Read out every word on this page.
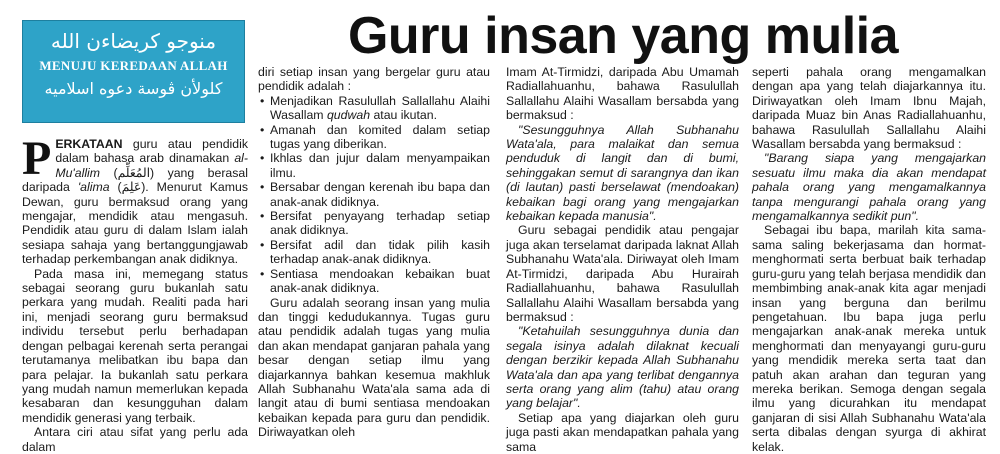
منوجو كريضاءن الله
MENUJU KEREDAAN ALLAH
كلولأن ڤوسة دعوه اسلاميه
Guru insan yang mulia

PERKATAAN guru atau pendidik dalam bahasa arab dinamakan al-Mu'allim (المُعَلِّم) yang berasal daripada 'alima (عَلِمَ). Menurut Kamus Dewan, guru bermaksud orang yang mengajar, mendidik atau mengasuh. Pendidik atau guru di dalam Islam ialah sesiapa sahaja yang bertanggungjawab terhadap perkembangan anak didiknya.

Pada masa ini, memegang status sebagai seorang guru bukanlah satu perkara yang mudah. Realiti pada hari ini, menjadi seorang guru bermaksud individu tersebut perlu berhadapan dengan pelbagai kerenah serta perangai terutamanya melibatkan ibu bapa dan para pelajar. Ia bukanlah satu perkara yang mudah namun memerlukan kepada kesabaran dan kesungguhan dalam mendidik generasi yang terbaik.

Antara ciri atau sifat yang perlu ada dalam

diri setiap insan yang bergelar guru atau pendidik adalah :

• Menjadikan Rasulullah Sallallahu Alaihi Wasallam qudwah atau ikutan.
• Amanah dan komited dalam setiap tugas yang diberikan.
• Ikhlas dan jujur dalam menyampaikan ilmu.
• Bersabar dengan kerenah ibu bapa dan anak-anak didiknya.
• Bersifat penyayang terhadap setiap anak didiknya.
• Bersifat adil dan tidak pilih kasih terhadap anak-anak didiknya.
• Sentiasa mendoakan kebaikan buat anak-anak didiknya.

Guru adalah seorang insan yang mulia dan tinggi kedudukannya. Tugas guru atau pendidik adalah tugas yang mulia dan akan mendapat ganjaran pahala yang besar dengan setiap ilmu yang diajarkannya bahkan kesemua makhluk Allah Subhanahu Wata'ala sama ada di langit atau di bumi sentiasa mendoakan kebaikan kepada para guru dan pendidik. Diriwayatkan oleh

Imam At-Tirmidzi, daripada Abu Umamah Radiallahuanhu, bahawa Rasulullah Sallallahu Alaihi Wasallam bersabda yang bermaksud :

"Sesungguhnya Allah Subhanahu Wata'ala, para malaikat dan semua penduduk di langit dan di bumi, sehinggakan semut di sarangnya dan ikan (di lautan) pasti berselawat (mendoakan) kebaikan bagi orang yang mengajarkan kebaikan kepada manusia".

Guru sebagai pendidik atau pengajar juga akan terselamat daripada laknat Allah Subhanahu Wata'ala. Diriwayat oleh Imam At-Tirmidzi, daripada Abu Hurairah Radiallahuanhu, bahawa Rasulullah Sallallahu Alaihi Wasallam bersabda yang bermaksud :

"Ketahuilah sesungguhnya dunia dan segala isinya adalah dilaknat kecuali dengan berzikir kepada Allah Subhanahu Wata'ala dan apa yang terlibat dengannya serta orang yang alim (tahu) atau orang yang belajar".

Setiap apa yang diajarkan oleh guru juga pasti akan mendapatkan pahala yang sama

seperti pahala orang mengamalkan dengan apa yang telah diajarkannya itu. Diriwayatkan oleh Imam Ibnu Majah, daripada Muaz bin Anas Radiallahuanhu, bahawa Rasulullah Sallallahu Alaihi Wasallam bersabda yang bermaksud :

"Barang siapa yang mengajarkan sesuatu ilmu maka dia akan mendapat pahala orang yang mengamalkannya tanpa mengurangi pahala orang yang mengamalkannya sedikit pun".

Sebagai ibu bapa, marilah kita sama-sama saling bekerjasama dan hormat-menghormati serta berbuat baik terhadap guru-guru yang telah berjasa mendidik dan membimbing anak-anak kita agar menjadi insan yang berguna dan berilmu pengetahuan. Ibu bapa juga perlu mengajarkan anak-anak mereka untuk menghormati dan menyayangi guru-guru yang mendidik mereka serta taat dan patuh akan arahan dan teguran yang mereka berikan. Semoga dengan segala ilmu yang dicurahkan itu mendapat ganjaran di sisi Allah Subhanahu Wata'ala serta dibalas dengan syurga di akhirat kelak.
